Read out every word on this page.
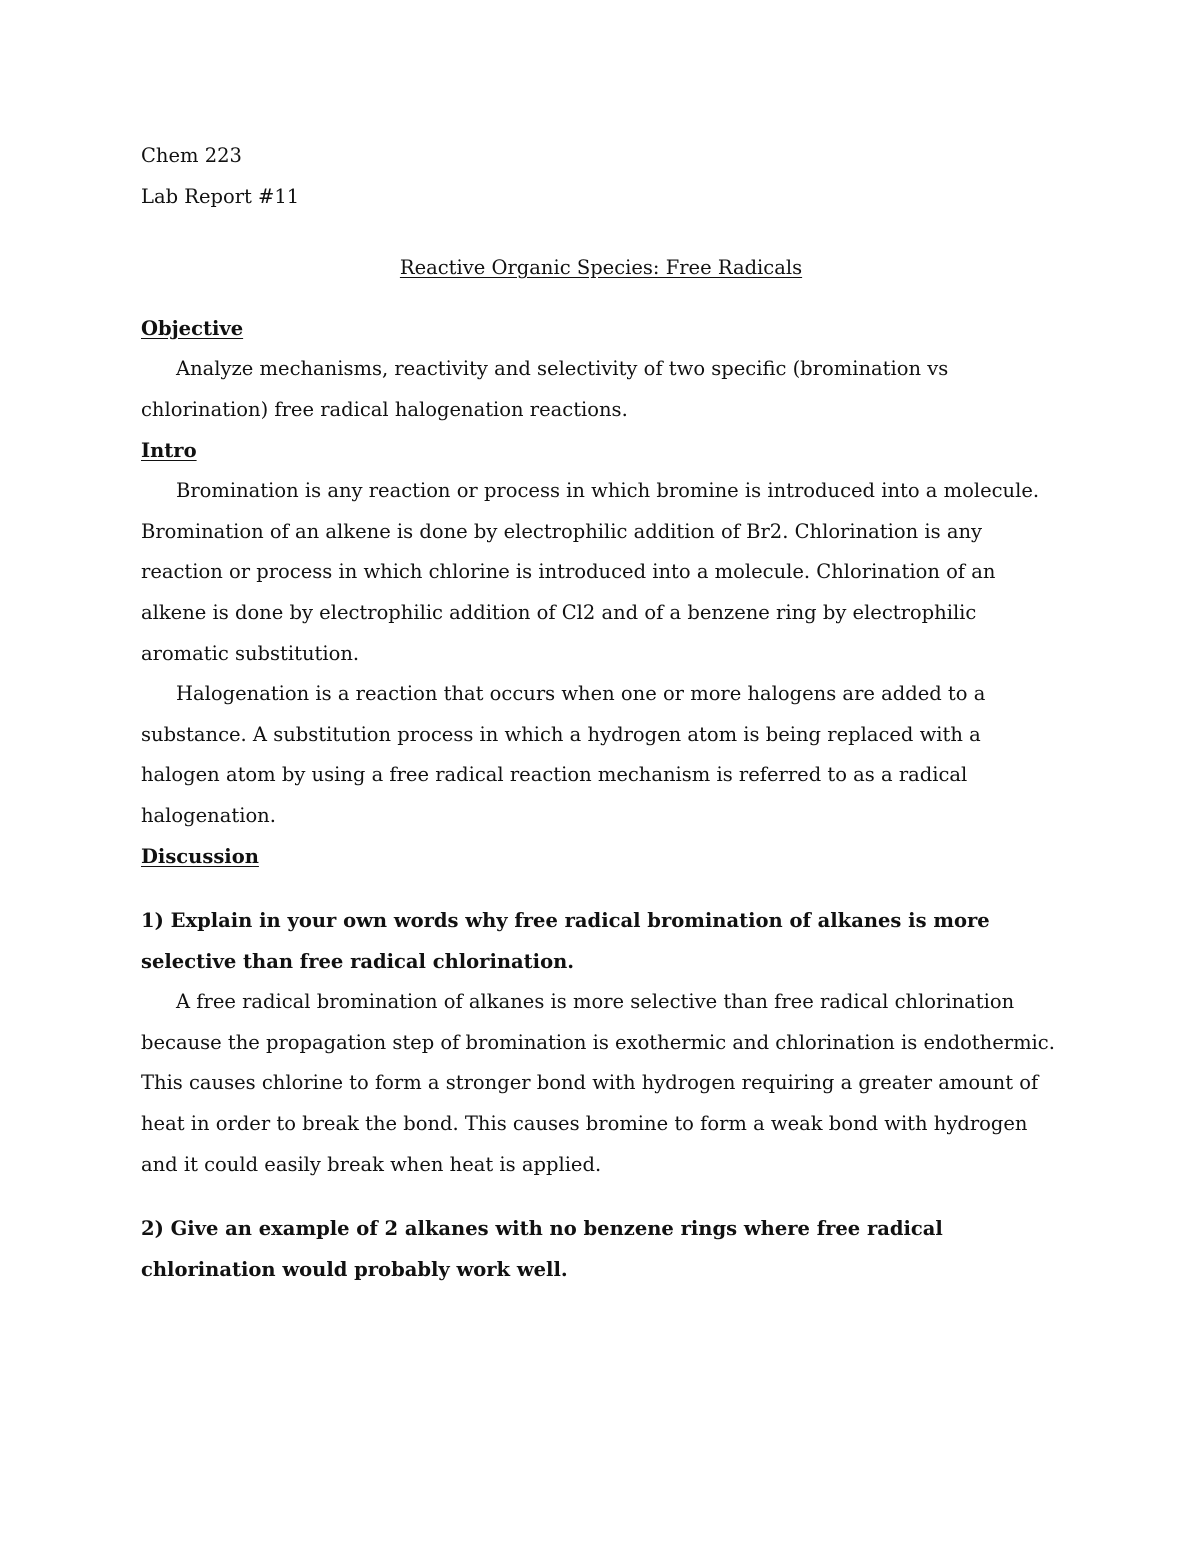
Chem 223
Lab Report #11
Reactive Organic Species: Free Radicals
Objective

Analyze mechanisms, reactivity and selectivity of two specific (bromination vs chlorination) free radical halogenation reactions.

Intro

Bromination is any reaction or process in which bromine is introduced into a molecule. Bromination of an alkene is done by electrophilic addition of Br2. Chlorination is any reaction or process in which chlorine is introduced into a molecule. Chlorination of an alkene is done by electrophilic addition of Cl2 and of a benzene ring by electrophilic aromatic substitution.

Halogenation is a reaction that occurs when one or more halogens are added to a substance. A substitution process in which a hydrogen atom is being replaced with a halogen atom by using a free radical reaction mechanism is referred to as a radical halogenation.

Discussion
1) Explain in your own words why free radical bromination of alkanes is more selective than free radical chlorination.

A free radical bromination of alkanes is more selective than free radical chlorination because the propagation step of bromination is exothermic and chlorination is endothermic. This causes chlorine to form a stronger bond with hydrogen requiring a greater amount of heat in order to break the bond. This causes bromine to form a weak bond with hydrogen and it could easily break when heat is applied.

2) Give an example of 2 alkanes with no benzene rings where free radical chlorination would probably work well.
